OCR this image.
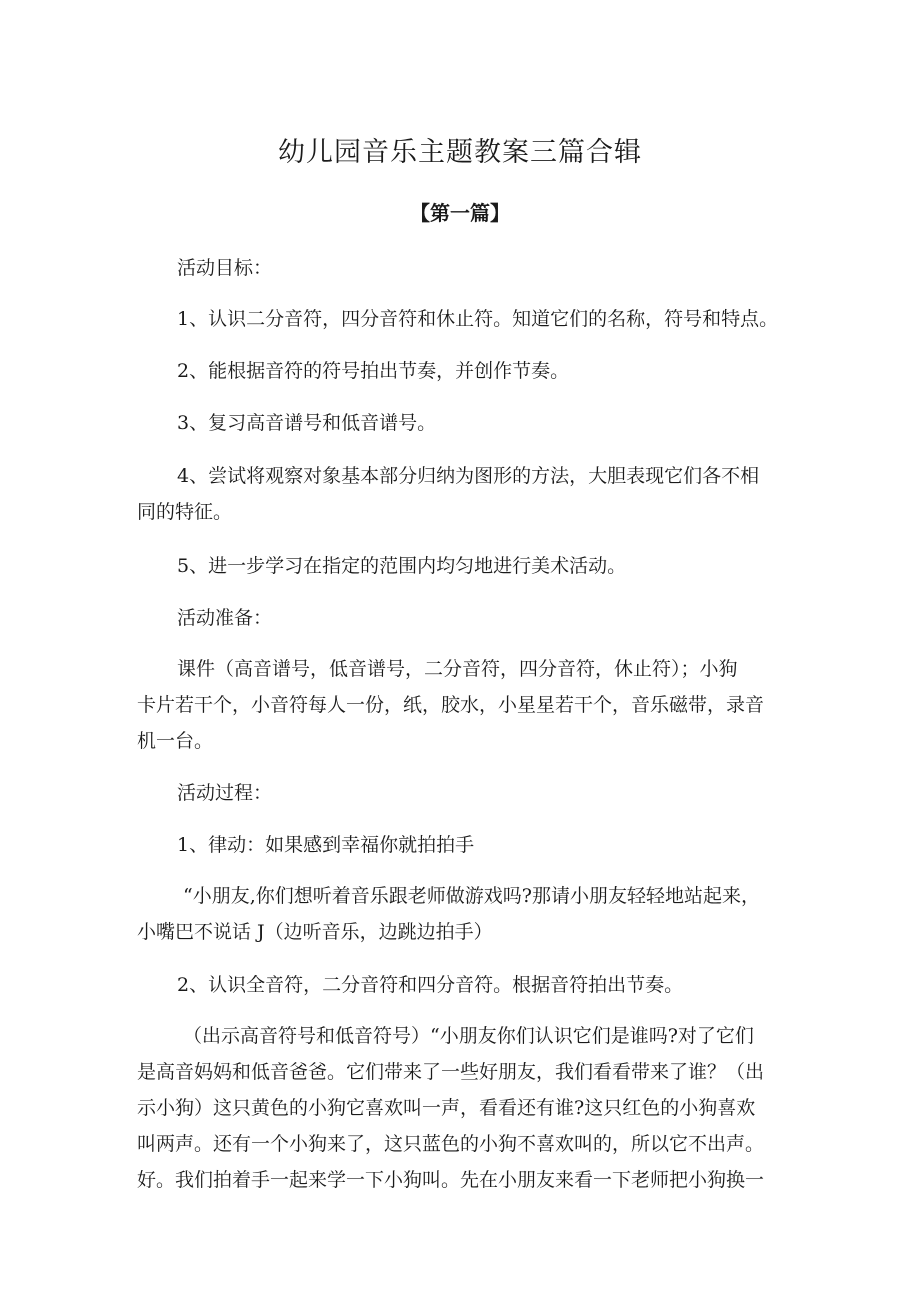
幼儿园音乐主题教案三篇合辑
【第一篇】
活动目标：
1、认识二分音符，四分音符和休止符。知道它们的名称，符号和特点。
2、能根据音符的符号拍出节奏，并创作节奏。
3、复习高音谱号和低音谱号。
4、尝试将观察对象基本部分归纳为图形的方法，大胆表现它们各不相
同的特征。
5、进一步学习在指定的范围内均匀地进行美术活动。
活动准备：
课件（高音谱号，低音谱号，二分音符，四分音符，休止符）；小狗
卡片若干个，小音符每人一份，纸，胶水，小星星若干个，音乐磁带，录音
机一台。
活动过程：
1、律动：如果感到幸福你就拍拍手
“小朋友,你们想听着音乐跟老师做游戏吗?那请小朋友轻轻地站起来，
小嘴巴不说话 J（边听音乐，边跳边拍手）
2、认识全音符，二分音符和四分音符。根据音符拍出节奏。
（出示高音符号和低音符号）“小朋友你们认识它们是谁吗?对了它们
是高音妈妈和低音爸爸。它们带来了一些好朋友，我们看看带来了谁？（出
示小狗）这只黄色的小狗它喜欢叫一声，看看还有谁?这只红色的小狗喜欢
叫两声。还有一个小狗来了，这只蓝色的小狗不喜欢叫的，所以它不出声。
好。我们拍着手一起来学一下小狗叫。先在小朋友来看一下老师把小狗换一
